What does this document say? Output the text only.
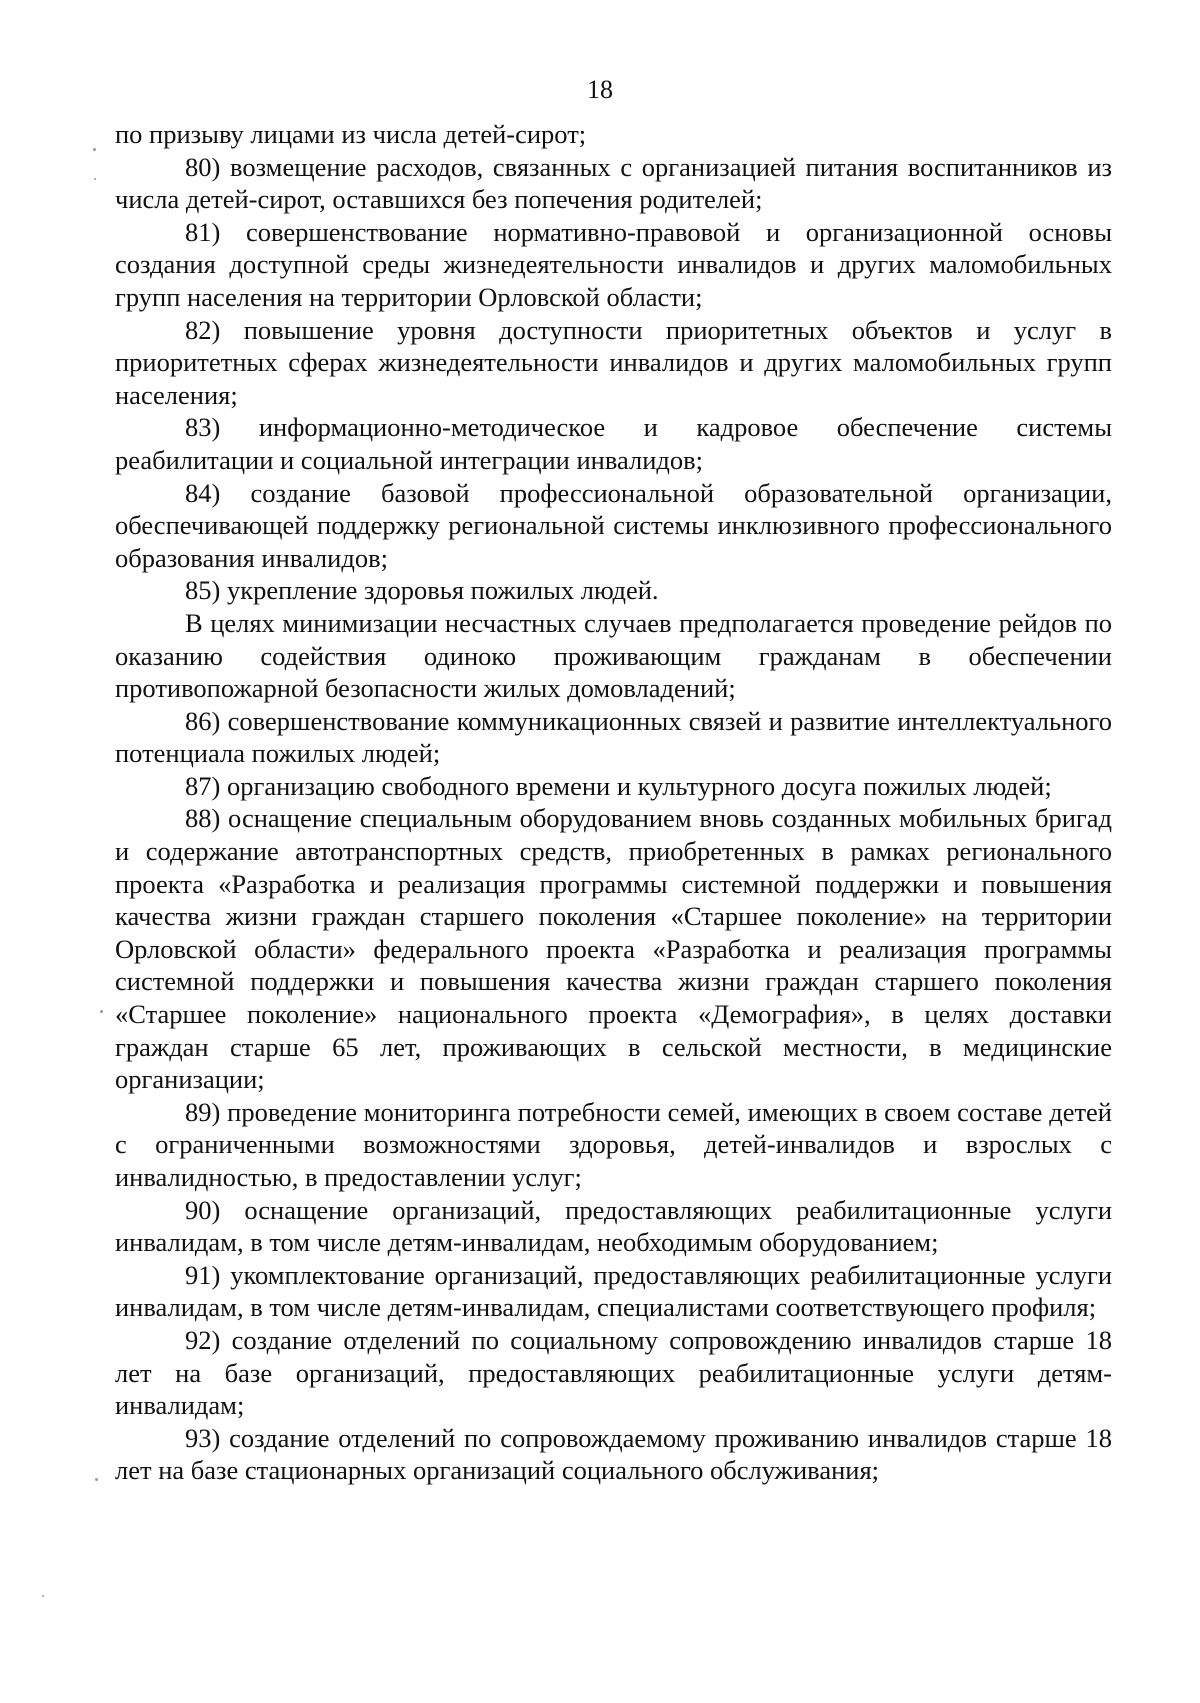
18

по призыву лицами из числа детей-сирот;

80) возмещение расходов, связанных с организацией питания воспитанников из числа детей-сирот, оставшихся без попечения родителей;

81) совершенствование нормативно-правовой и организационной основы создания доступной среды жизнедеятельности инвалидов и других маломобильных групп населения на территории Орловской области;

82) повышение уровня доступности приоритетных объектов и услуг в приоритетных сферах жизнедеятельности инвалидов и других маломобильных групп населения;

83) информационно-методическое и кадровое обеспечение системы реабилитации и социальной интеграции инвалидов;

84) создание базовой профессиональной образовательной организации, обеспечивающей поддержку региональной системы инклюзивного профессионального образования инвалидов;

85) укрепление здоровья пожилых людей.

В целях минимизации несчастных случаев предполагается проведение рейдов по оказанию содействия одиноко проживающим гражданам в обеспечении противопожарной безопасности жилых домовладений;

86) совершенствование коммуникационных связей и развитие интеллектуального потенциала пожилых людей;

87) организацию свободного времени и культурного досуга пожилых людей;

88) оснащение специальным оборудованием вновь созданных мобильных бригад и содержание автотранспортных средств, приобретенных в рамках регионального проекта «Разработка и реализация программы системной поддержки и повышения качества жизни граждан старшего поколения «Старшее поколение» на территории Орловской области» федерального проекта «Разработка и реализация программы системной поддержки и повышения качества жизни граждан старшего поколения «Старшее поколение» национального проекта «Демография», в целях доставки граждан старше 65 лет, проживающих в сельской местности, в медицинские организации;

89) проведение мониторинга потребности семей, имеющих в своем составе детей с ограниченными возможностями здоровья, детей-инвалидов и взрослых с инвалидностью, в предоставлении услуг;

90) оснащение организаций, предоставляющих реабилитационные услуги инвалидам, в том числе детям-инвалидам, необходимым оборудованием;

91) укомплектование организаций, предоставляющих реабилитационные услуги инвалидам, в том числе детям-инвалидам, специалистами соответствующего профиля;

92) создание отделений по социальному сопровождению инвалидов старше 18 лет на базе организаций, предоставляющих реабилитационные услуги детям-инвалидам;

93) создание отделений по сопровождаемому проживанию инвалидов старше 18 лет на базе стационарных организаций социального обслуживания;
